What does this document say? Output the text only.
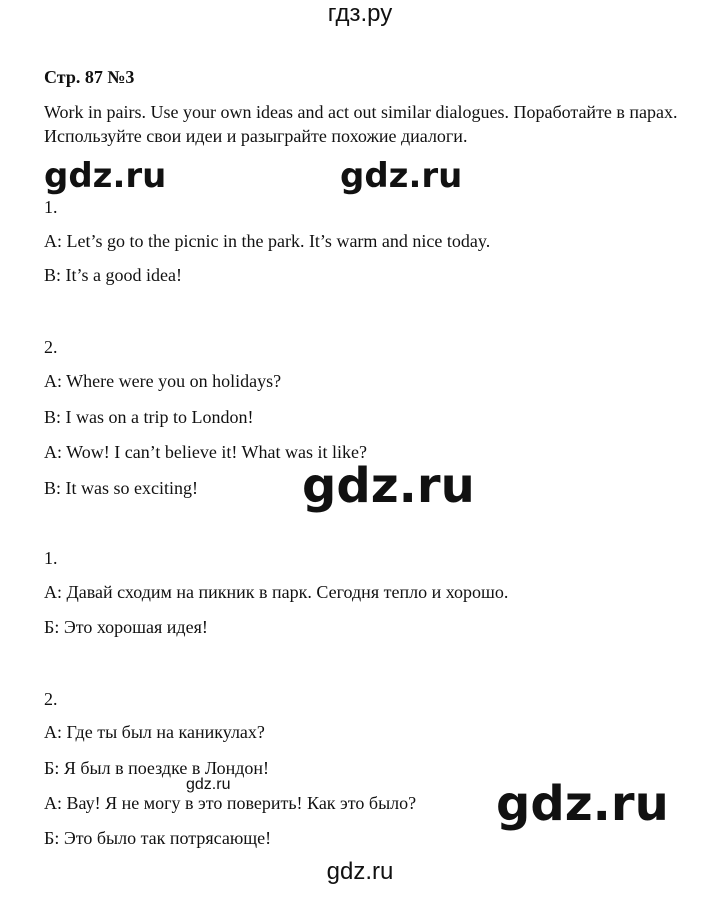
гдз.ру
Стр. 87 №3
Work in pairs. Use your own ideas and act out similar dialogues. Поработайте в парах. Используйте свои идеи и разыграйте похожие диалоги.
gdz.ru	gdz.ru
gdz.ru
gdz.ru
gdz.ru
1.
A: Let’s go to the picnic in the park. It’s warm and nice today.
B: It’s a good idea!
2.
A: Where were you on holidays?
B: I was on a trip to London!
A: Wow! I can’t believe it! What was it like?
B: It was so exciting!
1.
А: Давай сходим на пикник в парк. Сегодня тепло и хорошо.
Б: Это хорошая идея!
2.
А: Где ты был на каникулах?
Б: Я был в поездке в Лондон!
А: Вау! Я не могу в это поверить! Как это было?
Б: Это было так потрясающе!
gdz.ru
